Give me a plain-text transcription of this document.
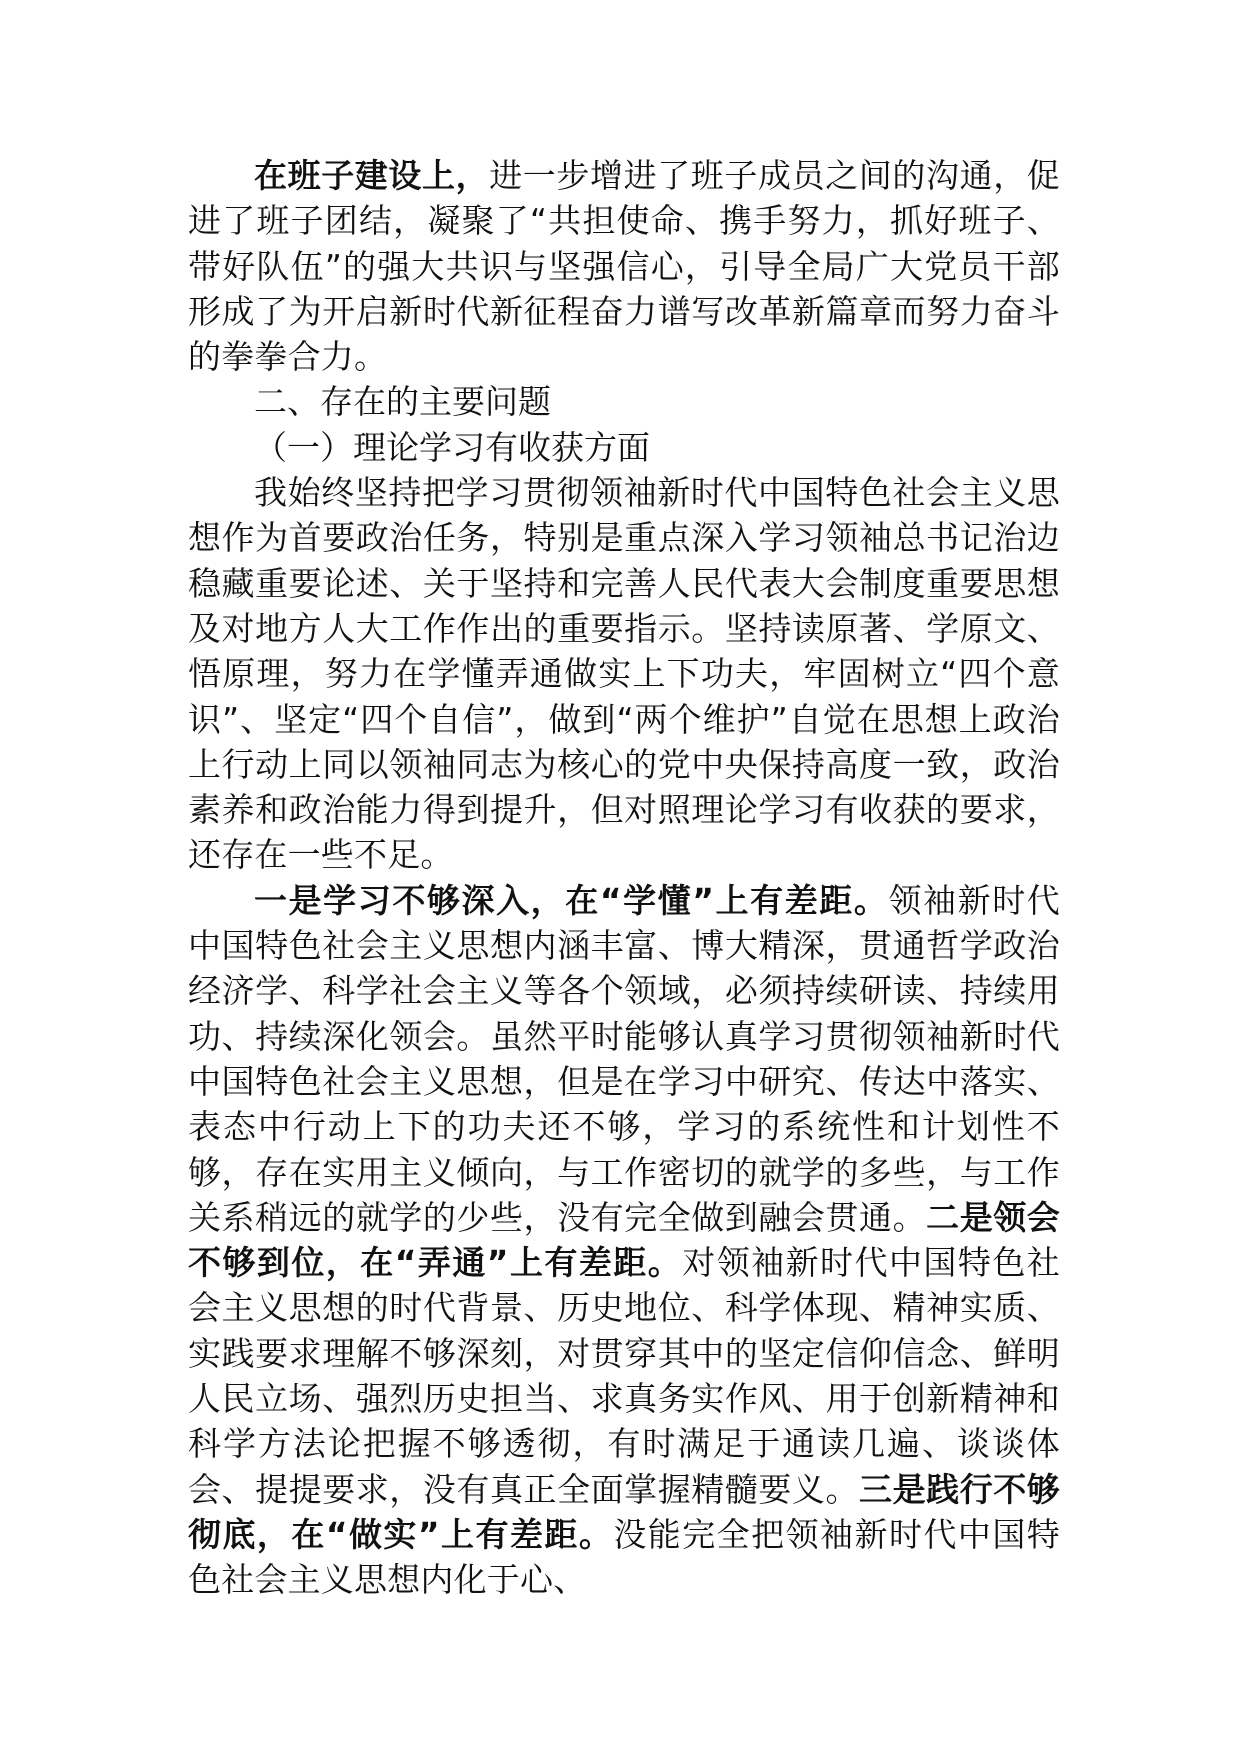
在班子建设上，进一步增进了班子成员之间的沟通，促进了班子团结，凝聚了“共担使命、携手努力，抓好班子、带好队伍”的强大共识与坚强信心，引导全局广大党员干部形成了为开启新时代新征程奋力谱写改革新篇章而努力奋斗的拳拳合力。

二、存在的主要问题

（一）理论学习有收获方面

我始终坚持把学习贯彻领袖新时代中国特色社会主义思想作为首要政治任务，特别是重点深入学习领袖总书记治边稳藏重要论述、关于坚持和完善人民代表大会制度重要思想及对地方人大工作作出的重要指示。坚持读原著、学原文、悟原理，努力在学懂弄通做实上下功夫，牢固树立“四个意识”、坚定“四个自信”，做到“两个维护”自觉在思想上政治上行动上同以领袖同志为核心的党中央保持高度一致，政治素养和政治能力得到提升，但对照理论学习有收获的要求，还存在一些不足。

一是学习不够深入，在“学懂”上有差距。领袖新时代中国特色社会主义思想内涵丰富、博大精深，贯通哲学政治经济学、科学社会主义等各个领域，必须持续研读、持续用功、持续深化领会。虽然平时能够认真学习贯彻领袖新时代中国特色社会主义思想，但是在学习中研究、传达中落实、表态中行动上下的功夫还不够，学习的系统性和计划性不够，存在实用主义倾向，与工作密切的就学的多些，与工作关系稍远的就学的少些，没有完全做到融会贯通。二是领会不够到位，在“弄通”上有差距。对领袖新时代中国特色社会主义思想的时代背景、历史地位、科学体现、精神实质、实践要求理解不够深刻，对贯穿其中的坚定信仰信念、鲜明人民立场、强烈历史担当、求真务实作风、用于创新精神和科学方法论把握不够透彻，有时满足于通读几遍、谈谈体会、提提要求，没有真正全面掌握精髓要义。三是践行不够彻底，在“做实”上有差距。没能完全把领袖新时代中国特色社会主义思想内化于心、
